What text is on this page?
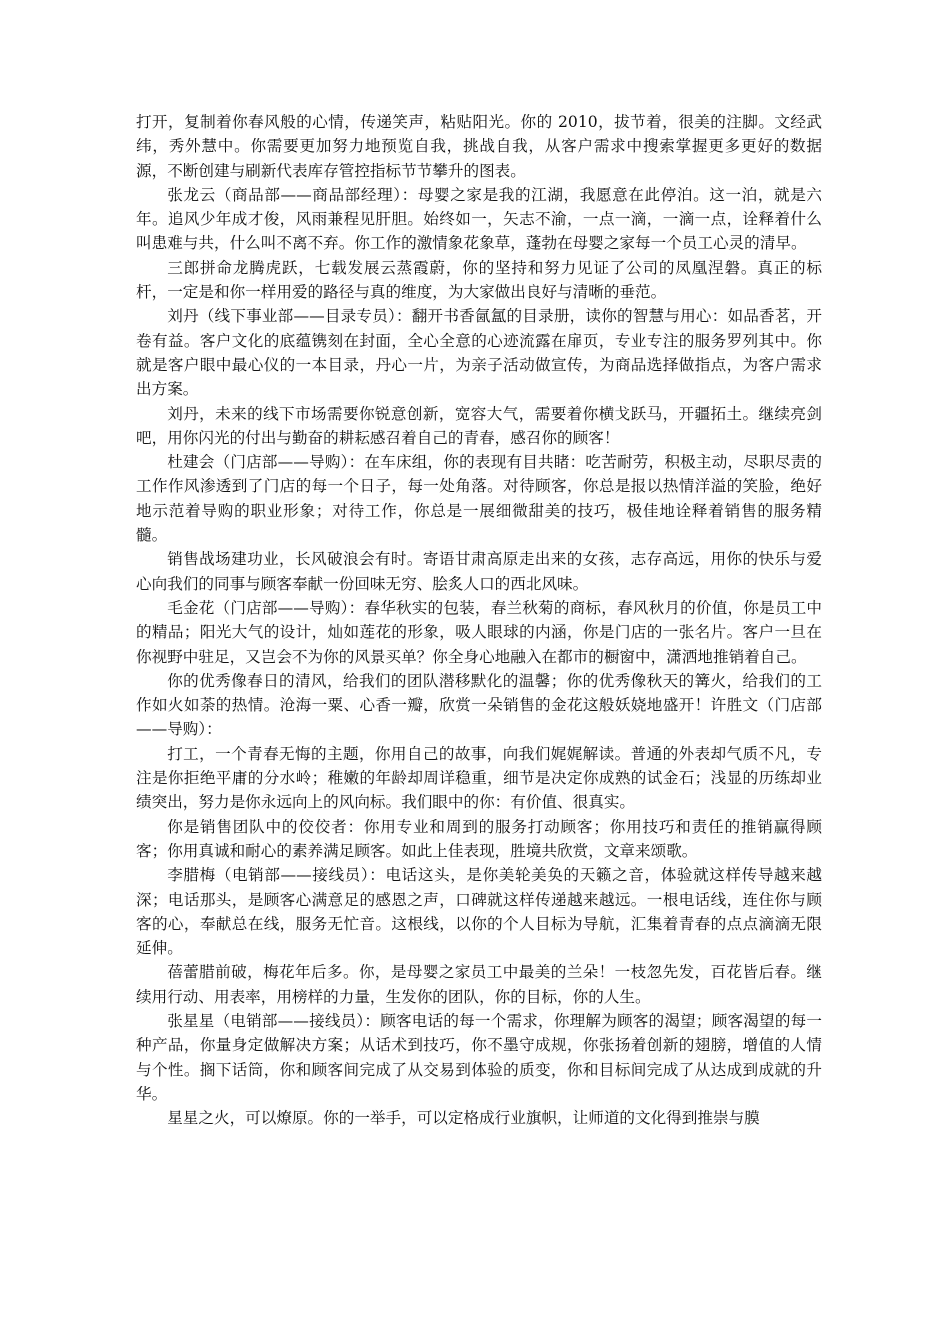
打开，复制着你春风般的心情，传递笑声，粘贴阳光。你的 2010，拔节着，很美的注脚。文经武纬，秀外慧中。你需要更加努力地预览自我，挑战自我，从客户需求中搜索掌握更多更好的数据源，不断创建与刷新代表库存管控指标节节攀升的图表。

张龙云（商品部——商品部经理）：母婴之家是我的江湖，我愿意在此停泊。这一泊，就是六年。追风少年成才俊，风雨兼程见肝胆。始终如一，矢志不渝，一点一滴，一滴一点，诠释着什么叫患难与共，什么叫不离不弃。你工作的激情象花象草，蓬勃在母婴之家每一个员工心灵的清早。

三郎拼命龙腾虎跃，七载发展云蒸霞蔚，你的坚持和努力见证了公司的凤凰涅磐。真正的标杆，一定是和你一样用爱的路径与真的维度，为大家做出良好与清晰的垂范。

刘丹（线下事业部——目录专员）：翻开书香氤氲的目录册，读你的智慧与用心：如品香茗，开卷有益。客户文化的底蕴镌刻在封面，全心全意的心迹流露在扉页，专业专注的服务罗列其中。你就是客户眼中最心仪的一本目录，丹心一片，为亲子活动做宣传，为商品选择做指点，为客户需求出方案。

刘丹，未来的线下市场需要你锐意创新，宽容大气，需要着你横戈跃马，开疆拓土。继续亮剑吧，用你闪光的付出与勤奋的耕耘感召着自己的青春，感召你的顾客！

杜建会（门店部——导购）：在车床组，你的表现有目共睹：吃苦耐劳，积极主动，尽职尽责的工作作风渗透到了门店的每一个日子，每一处角落。对待顾客，你总是报以热情洋溢的笑脸，绝好地示范着导购的职业形象；对待工作，你总是一展细微甜美的技巧，极佳地诠释着销售的服务精髓。

销售战场建功业，长风破浪会有时。寄语甘肃高原走出来的女孩，志存高远，用你的快乐与爱心向我们的同事与顾客奉献一份回味无穷、脍炙人口的西北风味。

毛金花（门店部——导购）：春华秋实的包装，春兰秋菊的商标，春风秋月的价值，你是员工中的精品；阳光大气的设计，灿如莲花的形象，吸人眼球的内涵，你是门店的一张名片。客户一旦在你视野中驻足，又岂会不为你的风景买单？你全身心地融入在都市的橱窗中，潇洒地推销着自己。

你的优秀像春日的清风，给我们的团队潜移默化的温馨；你的优秀像秋天的篝火，给我们的工作如火如荼的热情。沧海一粟、心香一瓣，欣赏一朵销售的金花这般妖娆地盛开！许胜文（门店部——导购）：

打工，一个青春无悔的主题，你用自己的故事，向我们娓娓解读。普通的外表却气质不凡，专注是你拒绝平庸的分水岭；稚嫩的年龄却周详稳重，细节是决定你成熟的试金石；浅显的历练却业绩突出，努力是你永远向上的风向标。我们眼中的你：有价值、很真实。

你是销售团队中的佼佼者：你用专业和周到的服务打动顾客；你用技巧和责任的推销赢得顾客；你用真诚和耐心的素养满足顾客。如此上佳表现，胜境共欣赏，文章来颂歌。

李腊梅（电销部——接线员）：电话这头，是你美轮美奂的天籁之音，体验就这样传导越来越深；电话那头，是顾客心满意足的感恩之声，口碑就这样传递越来越远。一根电话线，连住你与顾客的心，奉献总在线，服务无忙音。这根线，以你的个人目标为导航，汇集着青春的点点滴滴无限延伸。

蓓蕾腊前破，梅花年后多。你，是母婴之家员工中最美的兰朵！一枝忽先发，百花皆后春。继续用行动、用表率，用榜样的力量，生发你的团队，你的目标，你的人生。

张星星（电销部——接线员）：顾客电话的每一个需求，你理解为顾客的渴望；顾客渴望的每一种产品，你量身定做解决方案；从话术到技巧，你不墨守成规，你张扬着创新的翅膀，增值的人情与个性。搁下话筒，你和顾客间完成了从交易到体验的质变，你和目标间完成了从达成到成就的升华。

星星之火，可以燎原。你的一举手，可以定格成行业旗帜，让师道的文化得到推崇与膜
